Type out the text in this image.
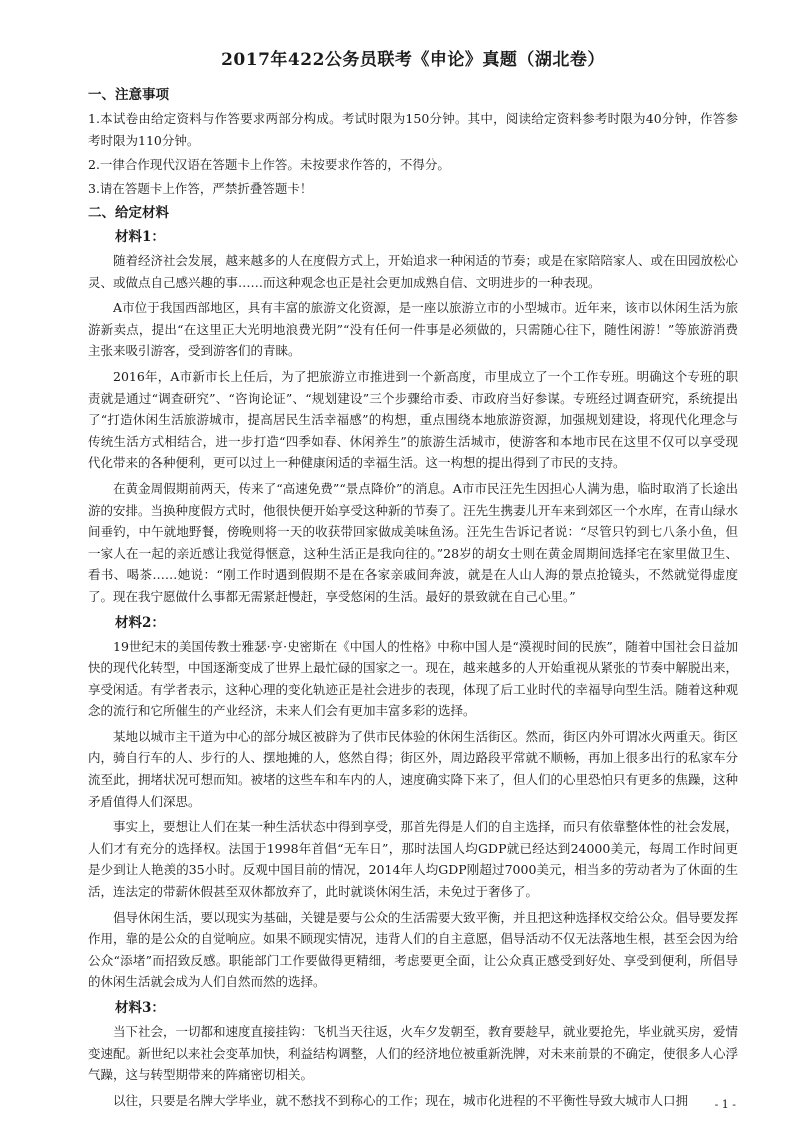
2017年422公务员联考《申论》真题（湖北卷）
一、注意事项

1.本试卷由给定资料与作答要求两部分构成。考试时限为150分钟。其中，阅读给定资料参考时限为40分钟，作答参考时限为110分钟。

2.一律合作现代汉语在答题卡上作答。未按要求作答的，不得分。

3.请在答题卡上作答，严禁折叠答题卡！

二、给定材料
材料1：

随着经济社会发展，越来越多的人在度假方式上，开始追求一种闲适的节奏；或是在家陪陪家人、或在田园放松心灵、或做点自己感兴趣的事……而这种观念也正是社会更加成熟自信、文明进步的一种表现。

A市位于我国西部地区，具有丰富的旅游文化资源，是一座以旅游立市的小型城市。近年来，该市以休闲生活为旅游新卖点，提出“在这里正大光明地浪费光阴”“没有任何一件事是必须做的，只需随心往下，随性闲游！”等旅游消费主张来吸引游客，受到游客们的青睐。

2016年，A市新市长上任后，为了把旅游立市推进到一个新高度，市里成立了一个工作专班。明确这个专班的职责就是通过“调查研究”、“咨询论证”、“规划建设”三个步骤给市委、市政府当好参谋。专班经过调查研究，系统提出了“打造休闲生活旅游城市，提高居民生活幸福感”的构想，重点围绕本地旅游资源，加强规划建设，将现代化理念与传统生活方式相结合，进一步打造“四季如春、休闲养生”的旅游生活城市，使游客和本地市民在这里不仅可以享受现代化带来的各种便利，更可以过上一种健康闲适的幸福生活。这一构想的提出得到了市民的支持。

在黄金周假期前两天，传来了“高速免费”“景点降价”的消息。A市市民汪先生因担心人满为患，临时取消了长途出游的安排。当换种度假方式时，他很快便开始享受这种新的节奏了。汪先生携妻儿开车来到郊区一个水库，在青山绿水间垂钓，中午就地野餐，傍晚则将一天的收获带回家做成美味鱼汤。汪先生告诉记者说：“尽管只钓到七八条小鱼，但一家人在一起的亲近感让我觉得惬意，这种生活正是我向往的。”28岁的胡女士则在黄金周期间选择宅在家里做卫生、看书、喝茶……她说：“刚工作时遇到假期不是在各家亲戚间奔波，就是在人山人海的景点抢镜头，不然就觉得虚度了。现在我宁愿做什么事都无需紧赶慢赶，享受悠闲的生活。最好的景致就在自己心里。”

材料2：

19世纪末的美国传教士雅瑟·亨·史密斯在《中国人的性格》中称中国人是“漠视时间的民族”，随着中国社会日益加快的现代化转型，中国逐渐变成了世界上最忙碌的国家之一。现在，越来越多的人开始重视从紧张的节奏中解脱出来，享受闲适。有学者表示，这种心理的变化轨迹正是社会进步的表现，体现了后工业时代的幸福导向型生活。随着这种观念的流行和它所催生的产业经济，未来人们会有更加丰富多彩的选择。

某地以城市主干道为中心的部分城区被辟为了供市民体验的休闲生活街区。然而，街区内外可谓冰火两重天。街区内，骑自行车的人、步行的人、摆地摊的人，悠然自得；街区外，周边路段平常就不顺畅，再加上很多出行的私家车分流至此，拥堵状况可想而知。被堵的这些车和车内的人，速度确实降下来了，但人们的心里恐怕只有更多的焦躁，这种矛盾值得人们深思。

事实上，要想让人们在某一种生活状态中得到享受，那首先得是人们的自主选择，而只有依靠整体性的社会发展，人们才有充分的选择权。法国于1998年首倡“无车日”，那时法国人均GDP就已经达到24000美元，每周工作时间更是少到让人艳羡的35小时。反观中国目前的情况，2014年人均GDP刚超过7000美元，相当多的劳动者为了休面的生活，连法定的带薪休假甚至双休都放弃了，此时就谈休闲生活，未免过于奢侈了。

倡导休闲生活，要以现实为基础，关键是要与公众的生活需要大致平衡，并且把这种选择权交给公众。倡导要发挥作用，靠的是公众的自觉响应。如果不顾现实情况，违背人们的自主意愿，倡导活动不仅无法落地生根，甚至会因为给公众“添堵”而招致反感。职能部门工作要做得更精细，考虑要更全面，让公众真正感受到好处、享受到便利，所倡导的休闲生活就会成为人们自然而然的选择。

材料3：

当下社会，一切都和速度直接挂钩：飞机当天往返，火车夕发朝至，教育要趁早，就业要抢先，毕业就买房，爱情变速配。新世纪以来社会变革加快，利益结构调整，人们的经济地位被重新洗牌，对未来前景的不确定，使很多人心浮气躁，这与转型期带来的阵痛密切相关。

以往，只要是名牌大学毕业，就不愁找不到称心的工作；现在，城市化进程的不平衡性导致大城市人口拥	- 1 -
